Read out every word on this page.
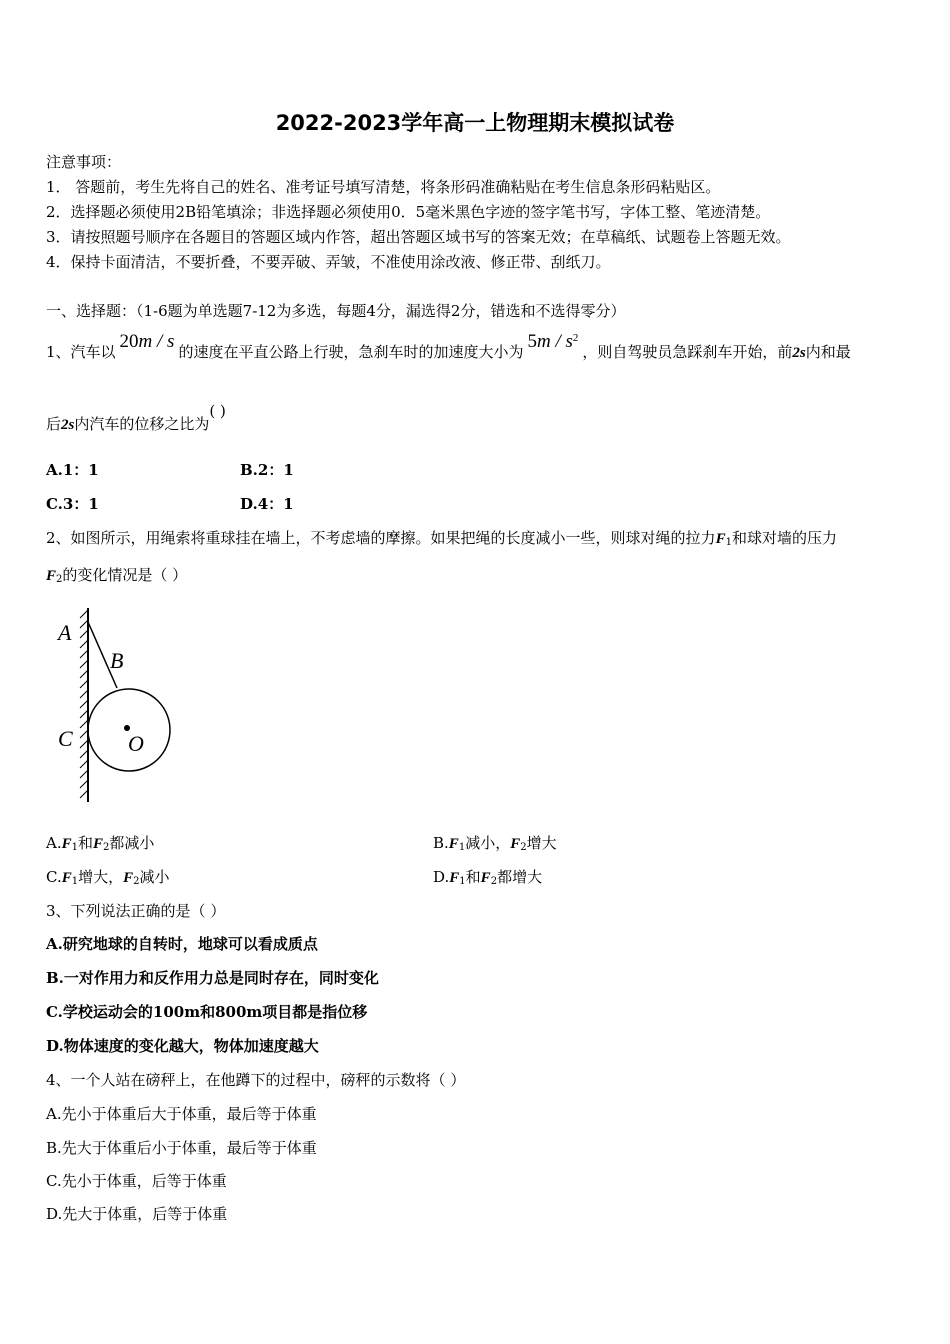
2022-2023学年高一上物理期末模拟试卷
注意事项：
1． 答题前，考生先将自己的姓名、准考证号填写清楚，将条形码准确粘贴在考生信息条形码粘贴区。
2．选择题必须使用2B铅笔填涂；非选择题必须使用0．5毫米黑色字迹的签字笔书写，字体工整、笔迹清楚。
3．请按照题号顺序在各题目的答题区域内作答，超出答题区域书写的答案无效；在草稿纸、试题卷上答题无效。
4．保持卡面清洁，不要折叠，不要弄破、弄皱，不准使用涂改液、修正带、刮纸刀。
一、选择题：（1-6题为单选题7-12为多选，每题4分，漏选得2分，错选和不选得零分）
1、汽车以 20m / s 的速度在平直公路上行驶，急刹车时的加速度大小为 $5m / s^2$，则自驾驶员急踩刹车开始，前2s内和最
后2s内汽车的位移之比为( )
A.1：1	B.2：1
C.3：1	D.4：1
2、如图所示，用绳索将重球挂在墙上，不考虑墙的摩擦。如果把绳的长度减小一些，则球对绳的拉力$F_1$和球对墙的压力
$F_2$的变化情况是（ ）
A
B
C	O
$A.F_1$和$F_2$都减小	$B.F_1$减小，$F_2$增大
$C.F_1$增大，$F_2$减小	$D.F_1$和$F_2$都增大
3、下列说法正确的是（ ）
A.研究地球的自转时，地球可以看成质点
B.一对作用力和反作用力总是同时存在，同时变化
C.学校运动会的100m和800m项目都是指位移
D.物体速度的变化越大，物体加速度越大
4、一个人站在磅秤上，在他蹲下的过程中，磅秤的示数将（ ）
A.先小于体重后大于体重，最后等于体重
B.先大于体重后小于体重，最后等于体重
C.先小于体重，后等于体重
D.先大于体重，后等于体重
